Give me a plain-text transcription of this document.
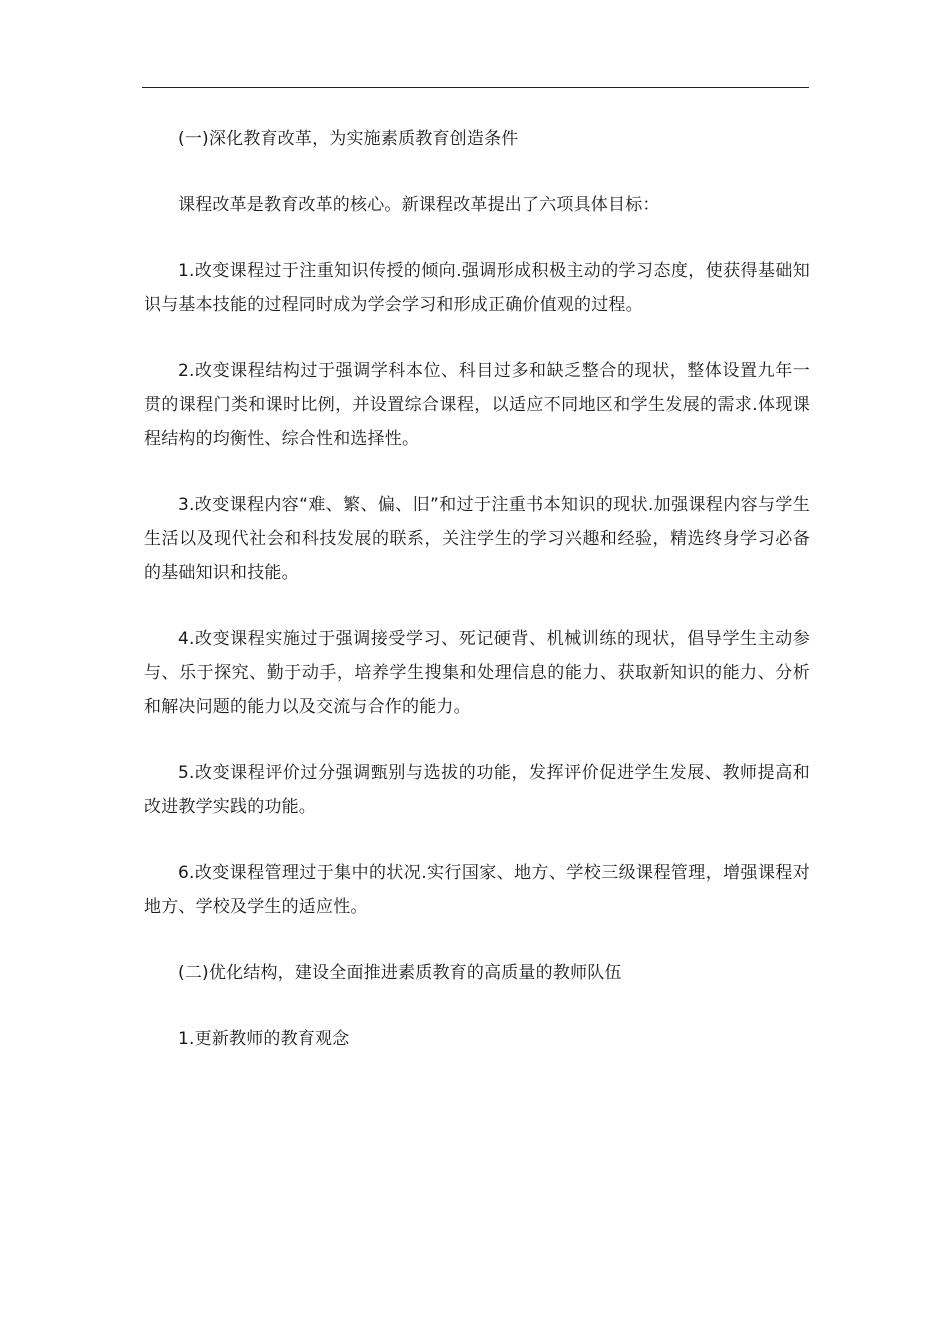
(一)深化教育改革，为实施素质教育创造条件

课程改革是教育改革的核心。新课程改革提出了六项具体目标：

1.改变课程过于注重知识传授的倾向.强调形成积极主动的学习态度，使获得基础知识与基本技能的过程同时成为学会学习和形成正确价值观的过程。

2.改变课程结构过于强调学科本位、科目过多和缺乏整合的现状，整体设置九年一贯的课程门类和课时比例，并设置综合课程，以适应不同地区和学生发展的需求.体现课程结构的均衡性、综合性和选择性。

3.改变课程内容“难、繁、偏、旧”和过于注重书本知识的现状.加强课程内容与学生生活以及现代社会和科技发展的联系，关注学生的学习兴趣和经验，精选终身学习必备的基础知识和技能。

4.改变课程实施过于强调接受学习、死记硬背、机械训练的现状，倡导学生主动参与、乐于探究、勤于动手，培养学生搜集和处理信息的能力、获取新知识的能力、分析和解决问题的能力以及交流与合作的能力。

5.改变课程评价过分强调甄别与选拔的功能，发挥评价促进学生发展、教师提高和改进教学实践的功能。

6.改变课程管理过于集中的状况.实行国家、地方、学校三级课程管理，增强课程对地方、学校及学生的适应性。

(二)优化结构，建设全面推进素质教育的高质量的教师队伍

1.更新教师的教育观念
